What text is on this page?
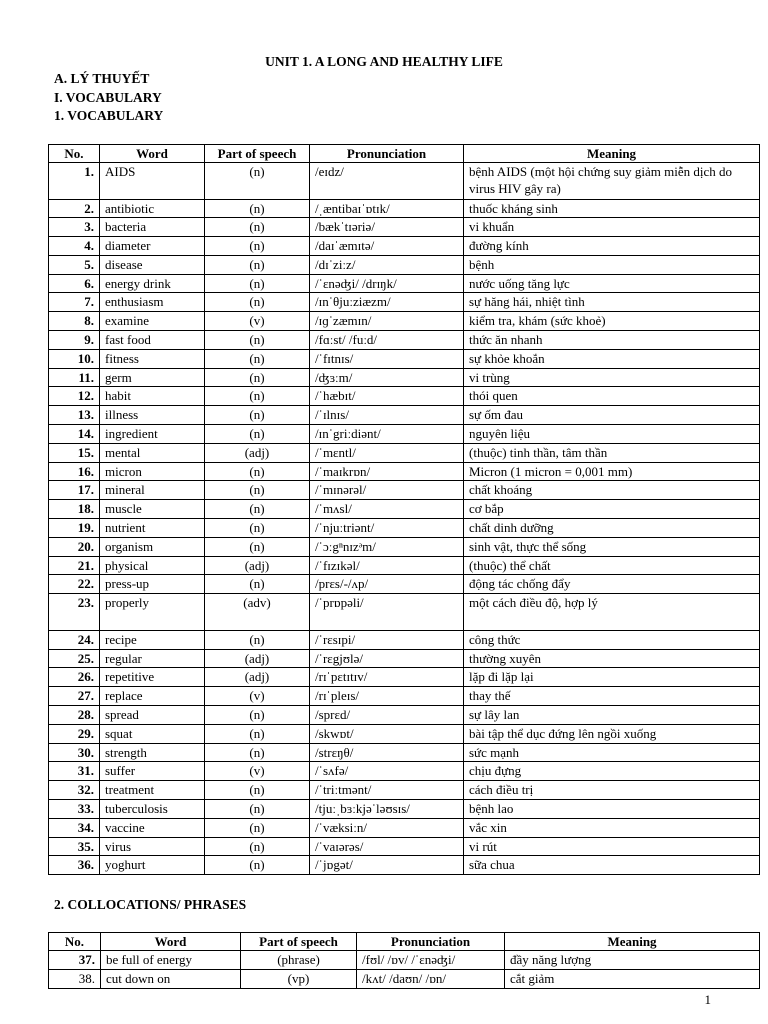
UNIT 1. A LONG AND HEALTHY LIFE
A. LÝ THUYẾT
I. VOCABULARY
1. VOCABULARY
No.	Word	Part of speech	Pronunciation	Meaning
1.	AIDS	(n)	/eɪdz/	bệnh AIDS (một hội chứng suy giảm miễn dịch do virus HIV gây ra)
2.	antibiotic	(n)	/ˌæntibaɪˈɒtɪk/	thuốc kháng sinh
3.	bacteria	(n)	/bækˈtɪəriə/	vi khuẩn
4.	diameter	(n)	/daɪˈæmɪtə/	đường kính
5.	disease	(n)	/dɪˈziːz/	bệnh
6.	energy drink	(n)	/ˈɛnəʤi/ /drɪŋk/	nước uống tăng lực
7.	enthusiasm	(n)	/ɪnˈθjuːziæzm/	sự hăng hái, nhiệt tình
8.	examine	(v)	/ɪɡˈzæmɪn/	kiểm tra, khám (sức khoẻ)
9.	fast food	(n)	/fɑːst/ /fuːd/	thức ăn nhanh
10.	fitness	(n)	/ˈfɪtnɪs/	sự khỏe khoắn
11.	germ	(n)	/ʤɜːm/	vi trùng
12.	habit	(n)	/ˈhæbɪt/	thói quen
13.	illness	(n)	/ˈɪlnɪs/	sự ốm đau
14.	ingredient	(n)	/ɪnˈgriːdiənt/	nguyên liệu
15.	mental	(adj)	/ˈmɛntl/	(thuộc) tinh thần, tâm thần
16.	micron	(n)	/ˈmaɪkrɒn/	Micron (1 micron = 0,001 mm)
17.	mineral	(n)	/ˈmɪnərəl/	chất khoáng
18.	muscle	(n)	/ˈmʌsl/	cơ bắp
19.	nutrient	(n)	/ˈnjuːtriənt/	chất dinh dưỡng
20.	organism	(n)	/ˈɔːgⁿnɪzᵊm/	sinh vật, thực thể sống
21.	physical	(adj)	/ˈfɪzɪkəl/	(thuộc) thể chất
22.	press-up	(n)	/prɛs/-/ʌp/	động tác chống đẩy
23.	properly	(adv)	/ˈprɒpəli/	một cách điều độ, hợp lý
24.	recipe	(n)	/ˈrɛsɪpi/	công thức
25.	regular	(adj)	/ˈrɛgjʊlə/	thường xuyên
26.	repetitive	(adj)	/rɪˈpɛtɪtɪv/	lặp đi lặp lại
27.	replace	(v)	/rɪˈpleɪs/	thay thế
28.	spread	(n)	/sprɛd/	sự lây lan
29.	squat	(n)	/skwɒt/	bài tập thể dục đứng lên ngồi xuống
30.	strength	(n)	/strɛŋθ/	sức mạnh
31.	suffer	(v)	/ˈsʌfə/	chịu đựng
32.	treatment	(n)	/ˈtriːtmənt/	cách điều trị
33.	tuberculosis	(n)	/tjuːˌbɜːkjəˈləʊsɪs/	bệnh lao
34.	vaccine	(n)	/ˈvæksiːn/	vắc xin
35.	virus	(n)	/ˈvaɪərəs/	vi rút
36.	yoghurt	(n)	/ˈjɒgət/	sữa chua
2. COLLOCATIONS/ PHRASES
No.	Word	Part of speech	Pronunciation	Meaning
37.	be full of energy	(phrase)	/fʊl/ /ɒv/ /ˈɛnəʤi/	đầy năng lượng
38.	cut down on	(vp)	/kʌt/ /daʊn/ /ɒn/	cắt giảm
1
